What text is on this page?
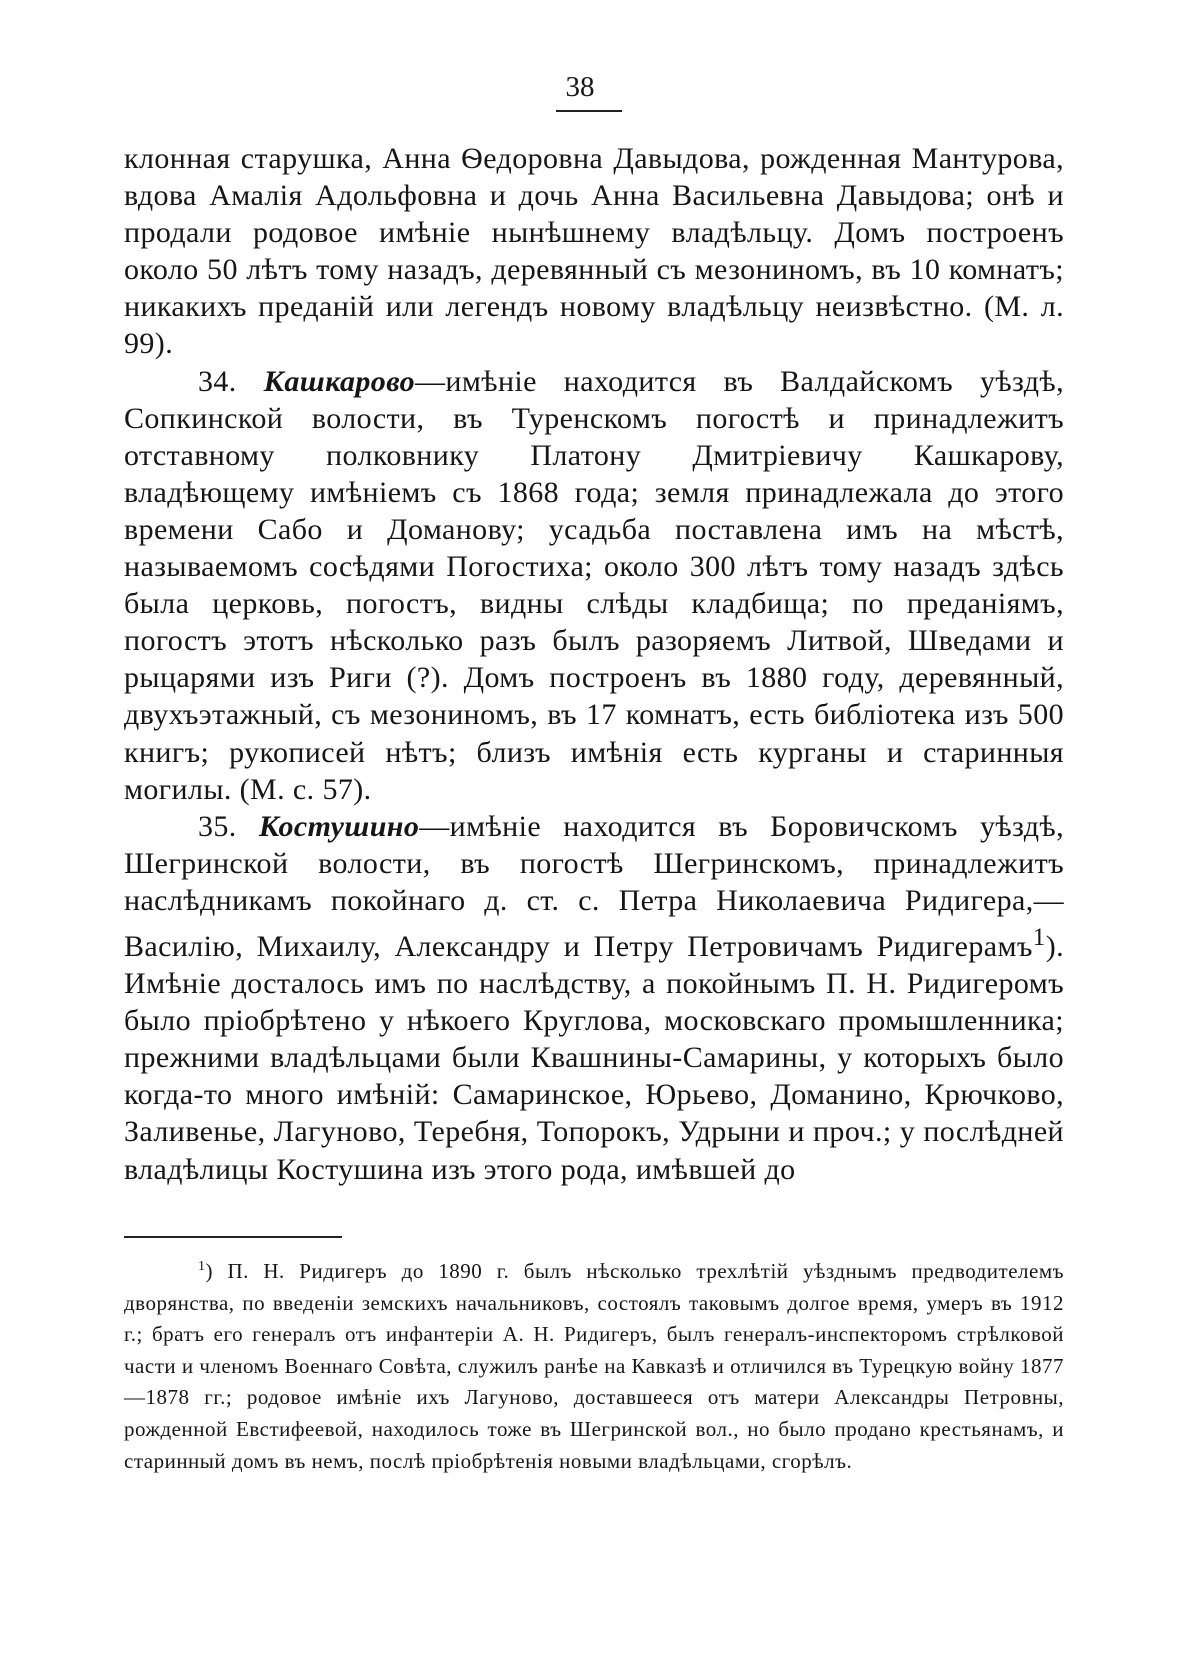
38

клонная старушка, Анна Ѳедоровна Давыдова, рожденная Мантурова, вдова Амалія Адольфовна и дочь Анна Васильевна Давыдова; онѣ и продали родовое имѣніе нынѣшнему владѣльцу. Домъ построенъ около 50 лѣтъ тому назадъ, деревянный съ мезониномъ, въ 10 комнатъ; никакихъ преданій или легендъ новому владѣльцу неизвѣстно. (М. л. 99).

34. Кашкарово—имѣніе находится въ Валдайскомъ уѣздѣ, Сопкинской волости, въ Туренскомъ погостѣ и принадлежитъ отставному полковнику Платону Дмитріевичу Кашкарову, владѣющему имѣніемъ съ 1868 года; земля принадлежала до этого времени Сабо и Доманову; усадьба поставлена имъ на мѣстѣ, называемомъ сосѣдями Погостиха; около 300 лѣтъ тому назадъ здѣсь была церковь, погостъ, видны слѣды кладбища; по преданіямъ, погостъ этотъ нѣсколько разъ былъ разоряемъ Литвой, Шведами и рыцарями изъ Риги (?). Домъ построенъ въ 1880 году, деревянный, двухъэтажный, съ мезониномъ, въ 17 комнатъ, есть библіотека изъ 500 книгъ; рукописей нѣтъ; близъ имѣнія есть курганы и старинныя могилы. (М. с. 57).

35. Костушино—имѣніе находится въ Боровичскомъ уѣздѣ, Шегринской волости, въ погостѣ Шегринскомъ, принадлежитъ наслѣдникамъ покойнаго д. ст. с. Петра Николаевича Ридигера,—Василію, Михаилу, Александру и Петру Петровичамъ Ридигерамъ$^1$). Имѣніе досталось имъ по наслѣдству, а покойнымъ П. Н. Ридигеромъ было пріобрѣтено у нѣкоего Круглова, московскаго промышленника; прежними владѣльцами были Квашнины-Самарины, у которыхъ было когда-то много имѣній: Самаринское, Юрьево, Доманино, Крючково, Заливенье, Лагуново, Теребня, Топорокъ, Удрыни и проч.; у послѣдней владѣлицы Костушина изъ этого рода, имѣвшей до

$^1$) П. Н. Ридигеръ до 1890 г. былъ нѣсколько трехлѣтій уѣзднымъ предводителемъ дворянства, по введеніи земскихъ начальниковъ, состоялъ таковымъ долгое время, умеръ въ 1912 г.; братъ его генералъ отъ инфантеріи А. Н. Ридигеръ, былъ генералъ-инспекторомъ стрѣлковой части и членомъ Военнаго Совѣта, служилъ ранѣе на Кавказѣ и отличился въ Турецкую войну 1877—1878 гг.; родовое имѣніе ихъ Лагуново, доставшееся отъ матери Александры Петровны, рожденной Евстифеевой, находилось тоже въ Шегринской вол., но было продано крестьянамъ, и старинный домъ въ немъ, послѣ пріобрѣтенія новыми владѣльцами, сгорѣлъ.
